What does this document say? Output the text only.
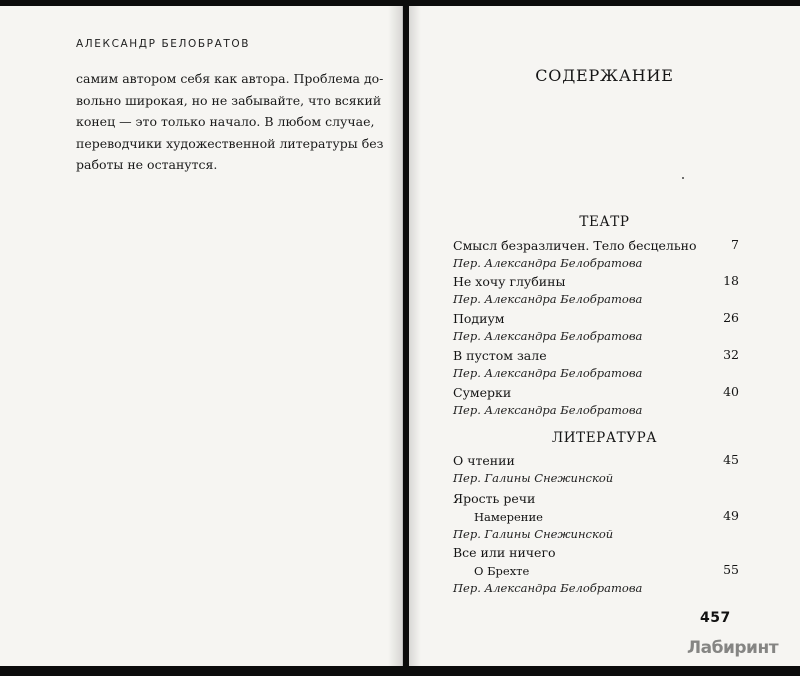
АЛЕКСАНДР БЕЛОБРАТОВ
самим автором себя как автора. Проблема до-
вольно широкая, но не забывайте, что всякий
конец — это только начало. В любом случае,
переводчики художественной литературы без
работы не останутся.
СОДЕРЖАНИЕ
ТЕАТР
Смысл безразличен. Тело бесцельно	7
Пер. Александра Белобратова
Не хочу глубины	18
Пер. Александра Белобратова
Подиум	26
Пер. Александра Белобратова
В пустом зале	32
Пер. Александра Белобратова
Сумерки	40
Пер. Александра Белобратова
ЛИТЕРАТУРА
О чтении	45
Пер. Галины Снежинской
Ярость речи
Намерение	49
Пер. Галины Снежинской
Все или ничего
О Брехте	55
Пер. Александра Белобратова
457
Лабиринт
